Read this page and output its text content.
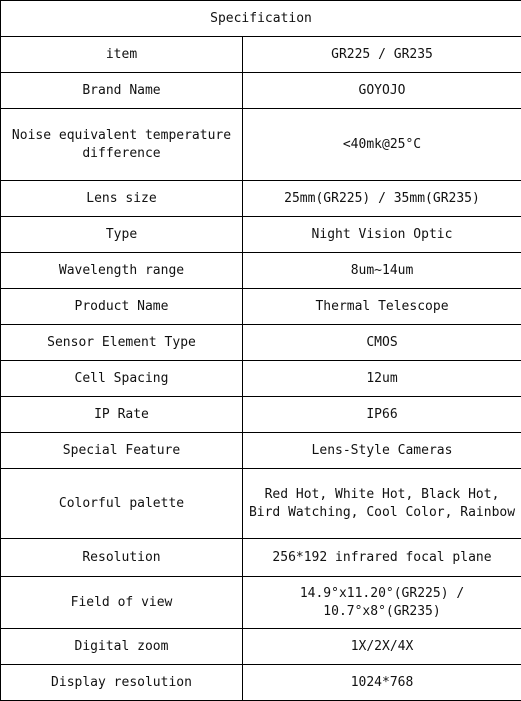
Specification	
item	GR225 / GR235
Brand Name	GOYOJO
Noise equivalent temperature
difference	<40mk@25°C
Lens size	25mm(GR225) / 35mm(GR235)
Type	Night Vision Optic
Wavelength range	8um~14um
Product Name	Thermal Telescope
Sensor Element Type	CMOS
Cell Spacing	12um
IP Rate	IP66
Special Feature	Lens-Style Cameras
Colorful palette	Red Hot, White Hot, Black Hot,
Bird Watching, Cool Color, Rainbow
Resolution	256*192 infrared focal plane
Field of view	14.9°x11.20°(GR225) /
10.7°x8°(GR235)
Digital zoom	1X/2X/4X
Display resolution	1024*768
